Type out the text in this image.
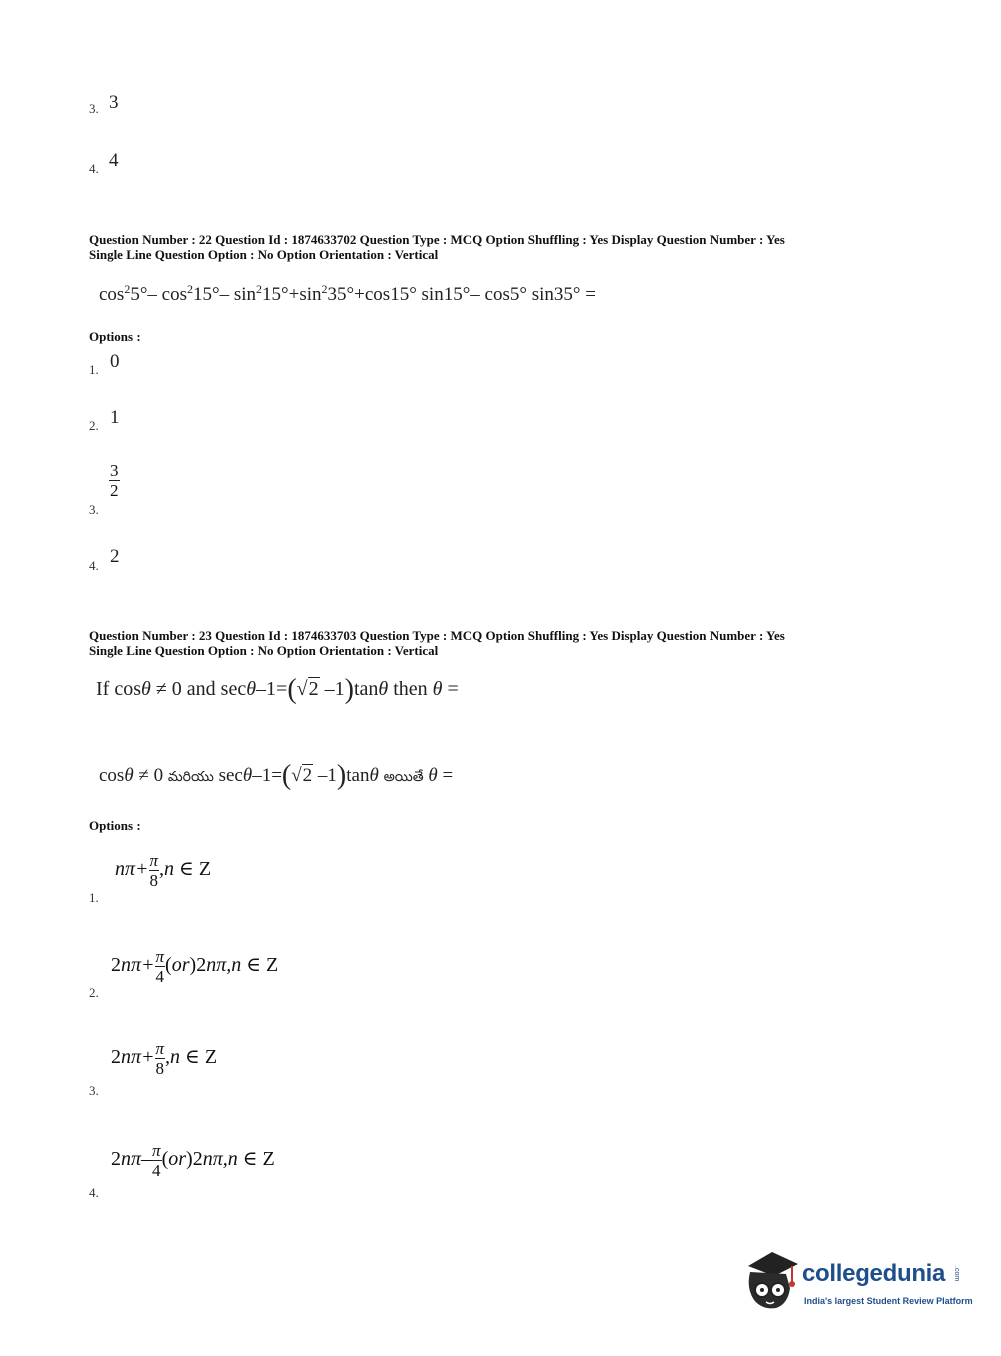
3. 3
4. 4
Question Number : 22 Question Id : 1874633702 Question Type : MCQ Option Shuffling : Yes Display Question Number : Yes
Single Line Question Option : No Option Orientation : Vertical
$\cos^25^\circ-$ $\cos^215^\circ-$ $\sin^215^\circ+\sin^235^\circ+\cos 15^\circ$ sin15°– cos5° sin35° =
Options :
1. 0
2. 1
3.
$\frac{3}{2}$
4. 2
Question Number : 23 Question Id : 1874633703 Question Type : MCQ Option Shuffling : Yes Display Question Number : Yes
Single Line Question Option : No Option Orientation : Vertical
If cosθ ≠ 0 and secθ–1=(√2 –1)tanθ then θ =
cosθ ≠ 0 మరియు secθ–1=(√2 –1)tanθ అయితే θ =
Options :
1.
$n\pi+ \frac{\pi}{8} ,n$ ∈ Z
2.
$2n\pi+ \frac{\pi}{4} (or)2n\pi,n$ ∈ Z
3.
$2n\pi+ \frac{\pi}{8} ,n$ ∈ Z
4.
$2n\pi- \frac{\pi}{4} (or)2n\pi,n$ ∈ Z
collegedunia .com
India's largest Student Review Platform
